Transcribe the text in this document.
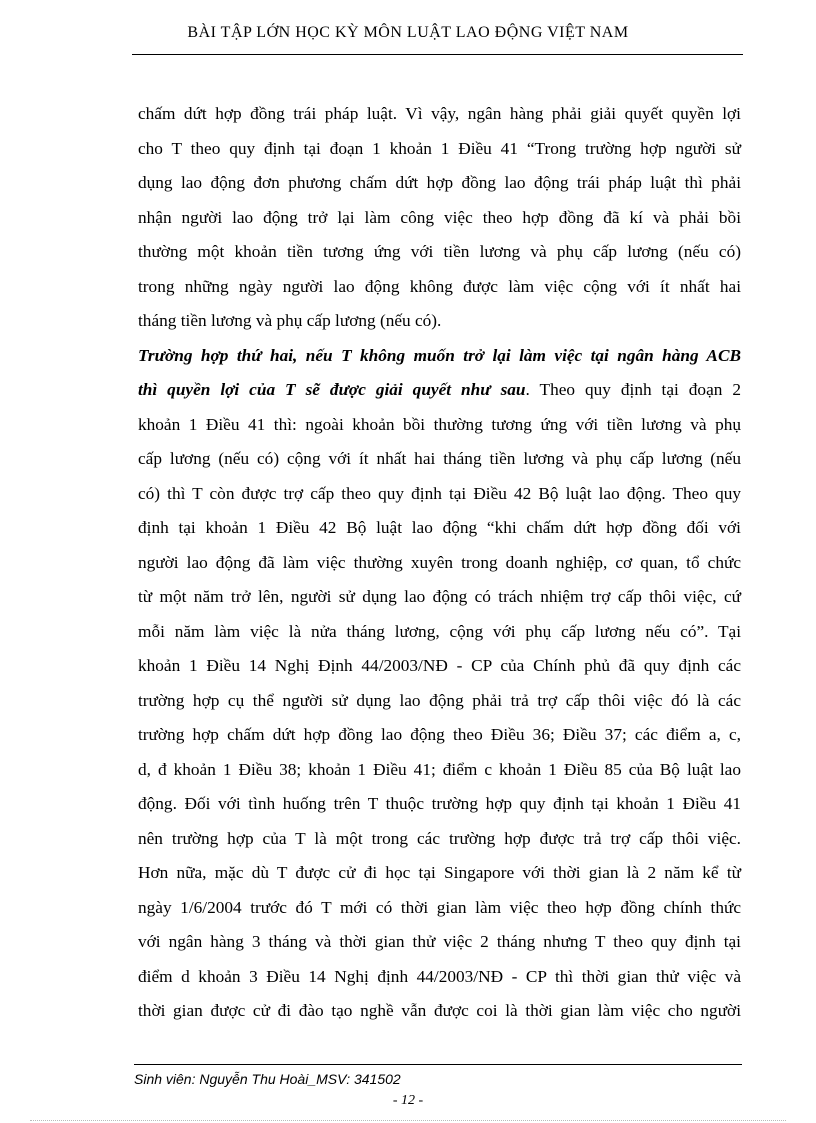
BÀI TẬP LỚN HỌC KỲ MÔN LUẬT LAO ĐỘNG VIỆT NAM
chấm dứt hợp đồng trái pháp luật. Vì vậy, ngân hàng phải giải quyết quyền lợi
cho T theo quy định tại đoạn 1 khoản 1 Điều 41 “Trong trường hợp người sử
dụng lao động đơn phương chấm dứt hợp đồng lao động trái pháp luật thì phải
nhận người lao động trở lại làm công việc theo hợp đồng đã kí và phải bồi
thường một khoản tiền tương ứng với tiền lương và phụ cấp lương (nếu có)
trong những ngày người lao động không được làm việc cộng với ít nhất hai
tháng tiền lương và phụ cấp lương (nếu có).
Trường hợp thứ hai, nếu T không muốn trở lại làm việc tại ngân hàng ACB
thì quyền lợi của T sẽ được giải quyết như sau. Theo quy định tại đoạn 2
khoản 1 Điều 41 thì: ngoài khoản bồi thường tương ứng với tiền lương và phụ
cấp lương (nếu có) cộng với ít nhất hai tháng tiền lương và phụ cấp lương (nếu
có) thì T còn được trợ cấp theo quy định tại Điều 42 Bộ luật lao động. Theo quy
định tại khoản 1 Điều 42 Bộ luật lao động “khi chấm dứt hợp đồng đối với
người lao động đã làm việc thường xuyên trong doanh nghiệp, cơ quan, tổ chức
từ một năm trở lên, người sử dụng lao động có trách nhiệm trợ cấp thôi việc, cứ
mỗi năm làm việc là nửa tháng lương, cộng với phụ cấp lương nếu có”. Tại
khoản 1 Điều 14 Nghị Định 44/2003/NĐ - CP của Chính phủ đã quy định các
trường hợp cụ thể người sử dụng lao động phải trả trợ cấp thôi việc đó là các
trường hợp chấm dứt hợp đồng lao động theo Điều 36; Điều 37; các điểm a, c,
d, đ khoản 1 Điều 38; khoản 1 Điều 41; điểm c khoản 1 Điều 85 của Bộ luật lao
động. Đối với tình huống trên T thuộc trường hợp quy định tại khoản 1 Điều 41
nên trường hợp của T là một trong các trường hợp được trả trợ cấp thôi việc.
Hơn nữa, mặc dù T được cử đi học tại Singapore với thời gian là 2 năm kể từ
ngày 1/6/2004 trước đó T mới có thời gian làm việc theo hợp đồng chính thức
với ngân hàng 3 tháng và thời gian thử việc 2 tháng nhưng T theo quy định tại
điểm d khoản 3 Điều 14 Nghị định 44/2003/NĐ - CP thì thời gian thử việc và
thời gian được cử đi đào tạo nghề vẫn được coi là thời gian làm việc cho người
Sinh viên: Nguyễn Thu Hoài_MSV: 341502
- 12 -
